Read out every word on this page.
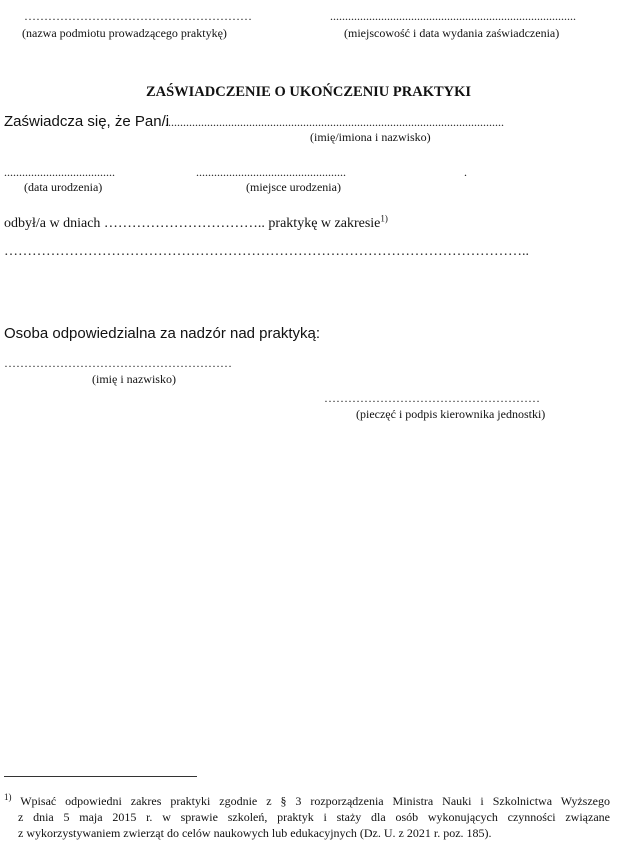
…………………………………………………
(nazwa podmiotu prowadzącego praktykę)
..................................................................................
(miejscowość i data wydania zaświadczenia)
ZAŚWIADCZENIE O UKOŃCZENIU PRAKTYKI
Zaświadcza się, że Pan/i
.................................................................................................................
(imię/imiona i nazwisko)
.....................................	..................................................	.
(data urodzenia)	(miejsce urodzenia)
odbył/a w dniach …………………………….. praktykę w zakresie$^{1)}$
…………………………………………………………………………………………………..
Osoba odpowiedzialna za nadzór nad praktyką:
…………………………………………………
(imię i nazwisko)
………………………………………………
(pieczęć i podpis kierownika jednostki)
$^{1)}$ Wpisać odpowiedni zakres praktyki zgodnie z § 3 rozporządzenia Ministra Nauki i Szkolnictwa Wyższego
z dnia 5 maja 2015 r. w sprawie szkoleń, praktyk i staży dla osób wykonujących czynności związane
z wykorzystywaniem zwierząt do celów naukowych lub edukacyjnych (Dz. U. z 2021 r. poz. 185).
